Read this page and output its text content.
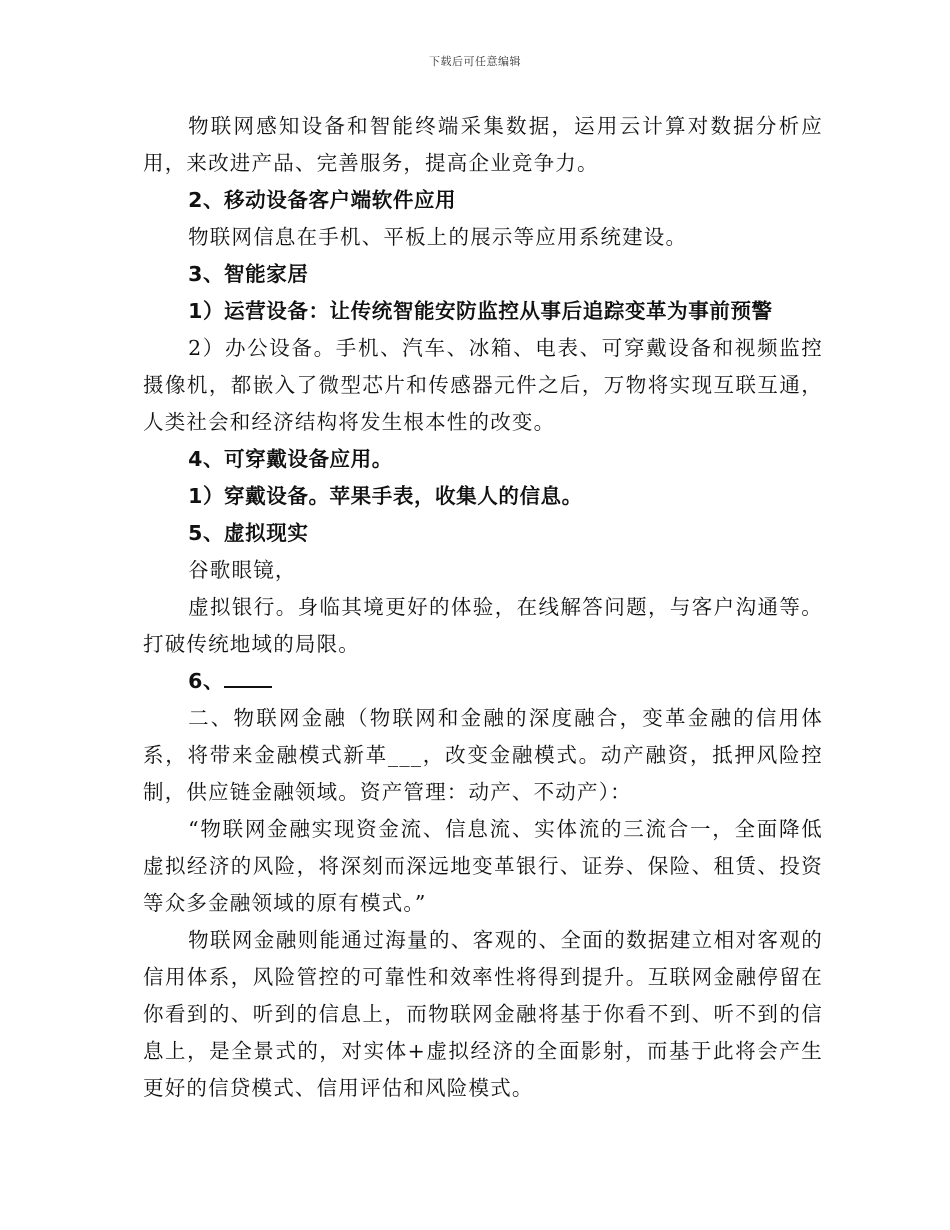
下载后可任意编辑

物联网感知设备和智能终端采集数据，运用云计算对数据分析应用，来改进产品、完善服务，提高企业竞争力。

2、移动设备客户端软件应用

物联网信息在手机、平板上的展示等应用系统建设。

3、智能家居

1）运营设备：让传统智能安防监控从事后追踪变革为事前预警

2）办公设备。手机、汽车、冰箱、电表、可穿戴设备和视频监控摄像机，都嵌入了微型芯片和传感器元件之后，万物将实现互联互通，人类社会和经济结构将发生根本性的改变。

4、可穿戴设备应用。

1）穿戴设备。苹果手表，收集人的信息。

5、虚拟现实

谷歌眼镜，

虚拟银行。身临其境更好的体验，在线解答问题，与客户沟通等。打破传统地域的局限。

6、

二、物联网金融（物联网和金融的深度融合，变革金融的信用体系，将带来金融模式新革___，改变金融模式。动产融资，抵押风险控制，供应链金融领域。资产管理：动产、不动产）：

“物联网金融实现资金流、信息流、实体流的三流合一，全面降低虚拟经济的风险，将深刻而深远地变革银行、证券、保险、租赁、投资等众多金融领域的原有模式。”

物联网金融则能通过海量的、客观的、全面的数据建立相对客观的信用体系，风险管控的可靠性和效率性将得到提升。互联网金融停留在你看到的、听到的信息上，而物联网金融将基于你看不到、听不到的信息上，是全景式的，对实体+虚拟经济的全面影射，而基于此将会产生更好的信贷模式、信用评估和风险模式。
